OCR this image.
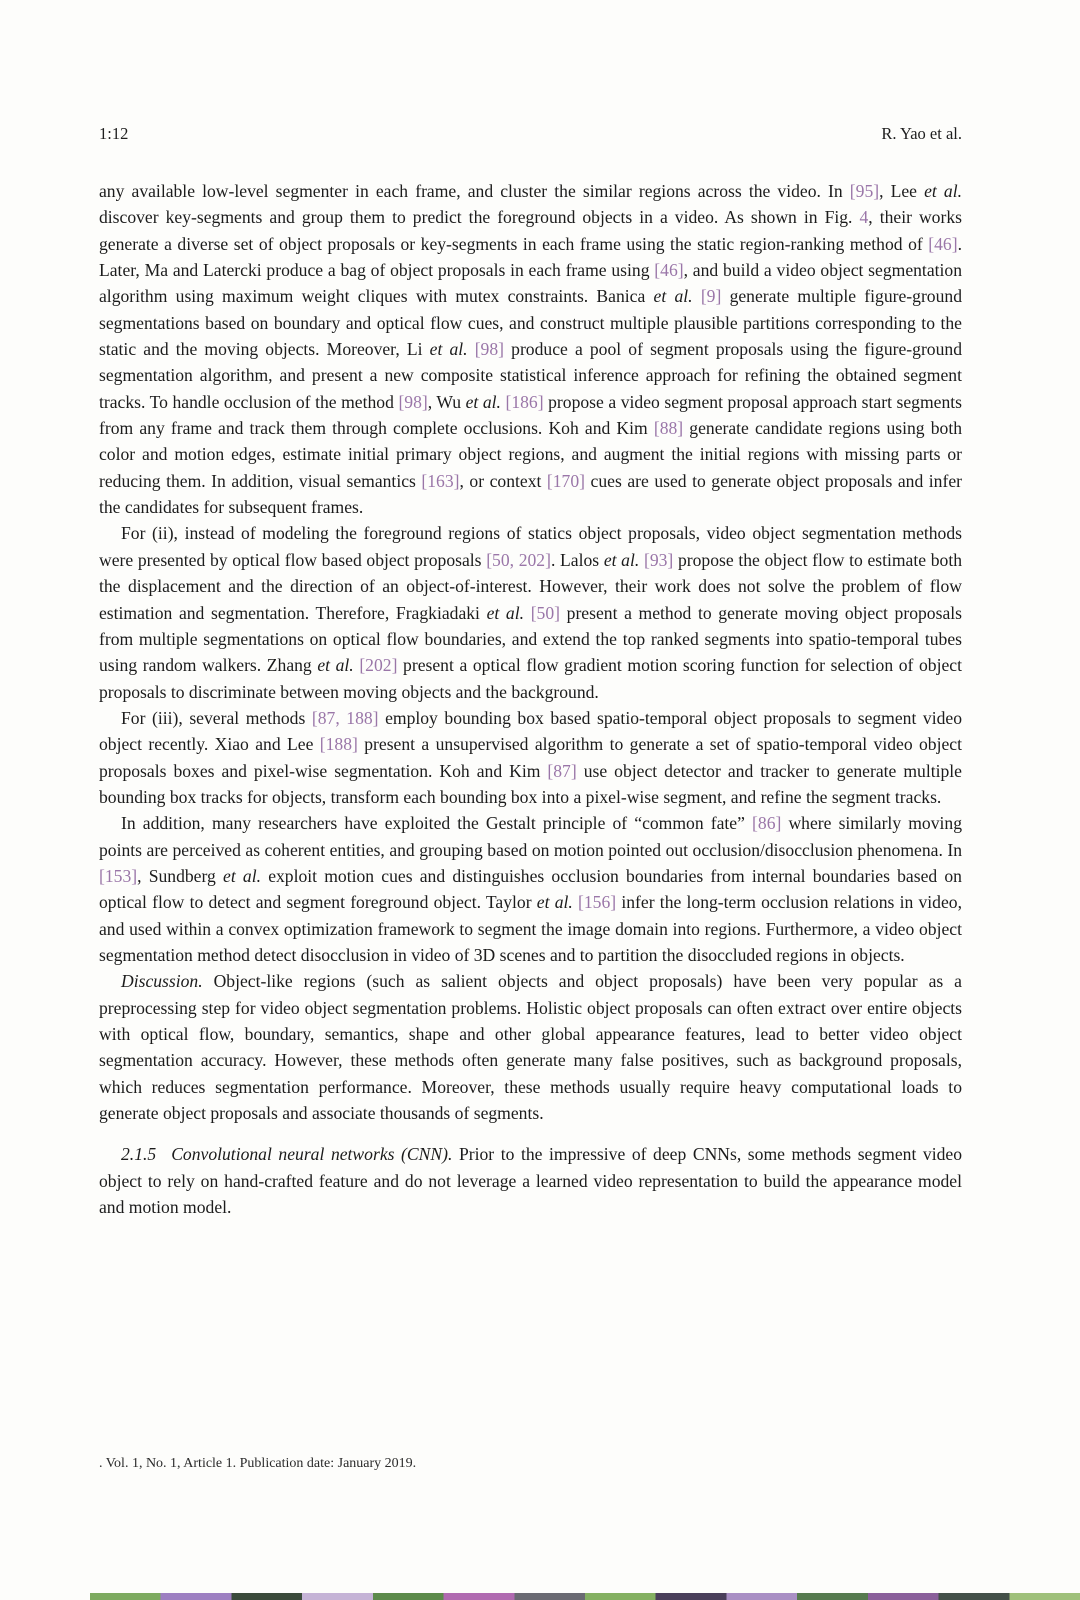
1:12	R. Yao et al.

any available low-level segmenter in each frame, and cluster the similar regions across the video. In [95], Lee et al. discover key-segments and group them to predict the foreground objects in a video. As shown in Fig. 4, their works generate a diverse set of object proposals or key-segments in each frame using the static region-ranking method of [46]. Later, Ma and Latercki produce a bag of object proposals in each frame using [46], and build a video object segmentation algorithm using maximum weight cliques with mutex constraints. Banica et al. [9] generate multiple figure-ground segmentations based on boundary and optical flow cues, and construct multiple plausible partitions corresponding to the static and the moving objects. Moreover, Li et al. [98] produce a pool of segment proposals using the figure-ground segmentation algorithm, and present a new composite statistical inference approach for refining the obtained segment tracks. To handle occlusion of the method [98], Wu et al. [186] propose a video segment proposal approach start segments from any frame and track them through complete occlusions. Koh and Kim [88] generate candidate regions using both color and motion edges, estimate initial primary object regions, and augment the initial regions with missing parts or reducing them. In addition, visual semantics [163], or context [170] cues are used to generate object proposals and infer the candidates for subsequent frames.

For (ii), instead of modeling the foreground regions of statics object proposals, video object segmentation methods were presented by optical flow based object proposals [50, 202]. Lalos et al. [93] propose the object flow to estimate both the displacement and the direction of an object-of-interest. However, their work does not solve the problem of flow estimation and segmentation. Therefore, Fragkiadaki et al. [50] present a method to generate moving object proposals from multiple segmentations on optical flow boundaries, and extend the top ranked segments into spatio-temporal tubes using random walkers. Zhang et al. [202] present a optical flow gradient motion scoring function for selection of object proposals to discriminate between moving objects and the background.

For (iii), several methods [87, 188] employ bounding box based spatio-temporal object proposals to segment video object recently. Xiao and Lee [188] present a unsupervised algorithm to generate a set of spatio-temporal video object proposals boxes and pixel-wise segmentation. Koh and Kim [87] use object detector and tracker to generate multiple bounding box tracks for objects, transform each bounding box into a pixel-wise segment, and refine the segment tracks.

In addition, many researchers have exploited the Gestalt principle of “common fate” [86] where similarly moving points are perceived as coherent entities, and grouping based on motion pointed out occlusion/disocclusion phenomena. In [153], Sundberg et al. exploit motion cues and distinguishes occlusion boundaries from internal boundaries based on optical flow to detect and segment foreground object. Taylor et al. [156] infer the long-term occlusion relations in video, and used within a convex optimization framework to segment the image domain into regions. Furthermore, a video object segmentation method detect disocclusion in video of 3D scenes and to partition the disoccluded regions in objects.

Discussion. Object-like regions (such as salient objects and object proposals) have been very popular as a preprocessing step for video object segmentation problems. Holistic object proposals can often extract over entire objects with optical flow, boundary, semantics, shape and other global appearance features, lead to better video object segmentation accuracy. However, these methods often generate many false positives, such as background proposals, which reduces segmentation performance. Moreover, these methods usually require heavy computational loads to generate object proposals and associate thousands of segments.

2.1.5 Convolutional neural networks (CNN). Prior to the impressive of deep CNNs, some methods segment video object to rely on hand-crafted feature and do not leverage a learned video representation to build the appearance model and motion model.

. Vol. 1, No. 1, Article 1. Publication date: January 2019.
